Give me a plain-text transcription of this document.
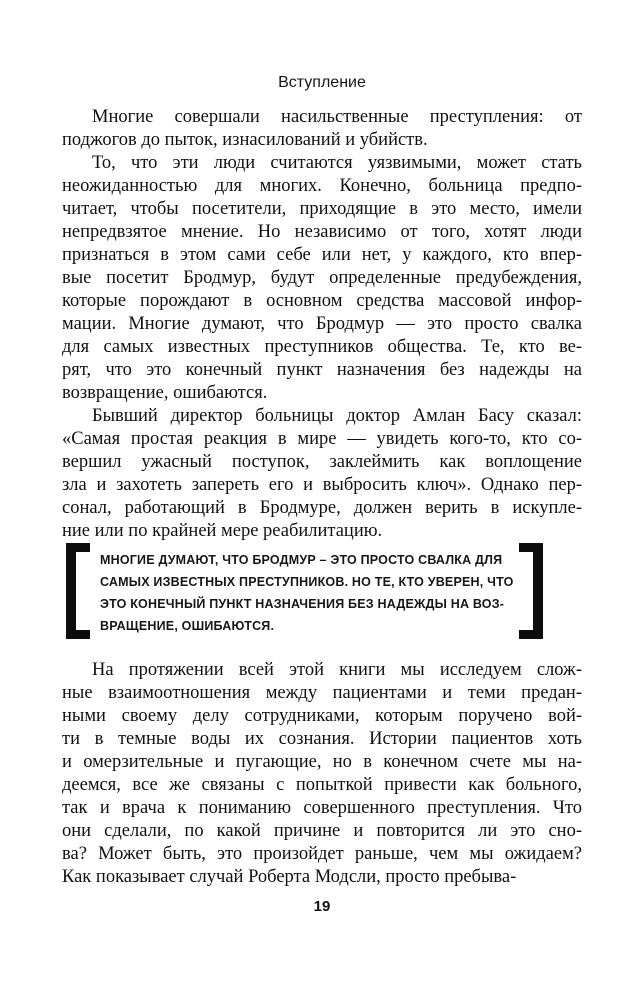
Вступление
Многие совершали насильственные преступления: от
поджогов до пыток, изнасилований и убийств.
То, что эти люди считаются уязвимыми, может стать
неожиданностью для многих. Конечно, больница предпо-
читает, чтобы посетители, приходящие в это место, имели
непредвзятое мнение. Но независимо от того, хотят люди
признаться в этом сами себе или нет, у каждого, кто впер-
вые посетит Бродмур, будут определенные предубеждения,
которые порождают в основном средства массовой инфор-
мации. Многие думают, что Бродмур — это просто свалка
для самых известных преступников общества. Те, кто ве-
рят, что это конечный пункт назначения без надежды на
возвращение, ошибаются.
Бывший директор больницы доктор Амлан Басу сказал:
«Самая простая реакция в мире — увидеть кого-то, кто со-
вершил ужасный поступок, заклеймить как воплощение
зла и захотеть запереть его и выбросить ключ». Однако пер-
сонал, работающий в Бродмуре, должен верить в искупле-
ние или по крайней мере реабилитацию.
МНОГИЕ ДУМАЮТ, ЧТО БРОДМУР – ЭТО ПРОСТО СВАЛКА ДЛЯ
САМЫХ ИЗВЕСТНЫХ ПРЕСТУПНИКОВ. НО ТЕ, КТО УВЕРЕН, ЧТО
ЭТО КОНЕЧНЫЙ ПУНКТ НАЗНАЧЕНИЯ БЕЗ НАДЕЖДЫ НА ВОЗ-
ВРАЩЕНИЕ, ОШИБАЮТСЯ.
На протяжении всей этой книги мы исследуем слож-
ные взаимоотношения между пациентами и теми предан-
ными своему делу сотрудниками, которым поручено вой-
ти в темные воды их сознания. Истории пациентов хоть
и омерзительные и пугающие, но в конечном счете мы на-
деемся, все же связаны с попыткой привести как больного,
так и врача к пониманию совершенного преступления. Что
они сделали, по какой причине и повторится ли это сно-
ва? Может быть, это произойдет раньше, чем мы ожидаем?
Как показывает случай Роберта Модсли, просто пребыва-
19
